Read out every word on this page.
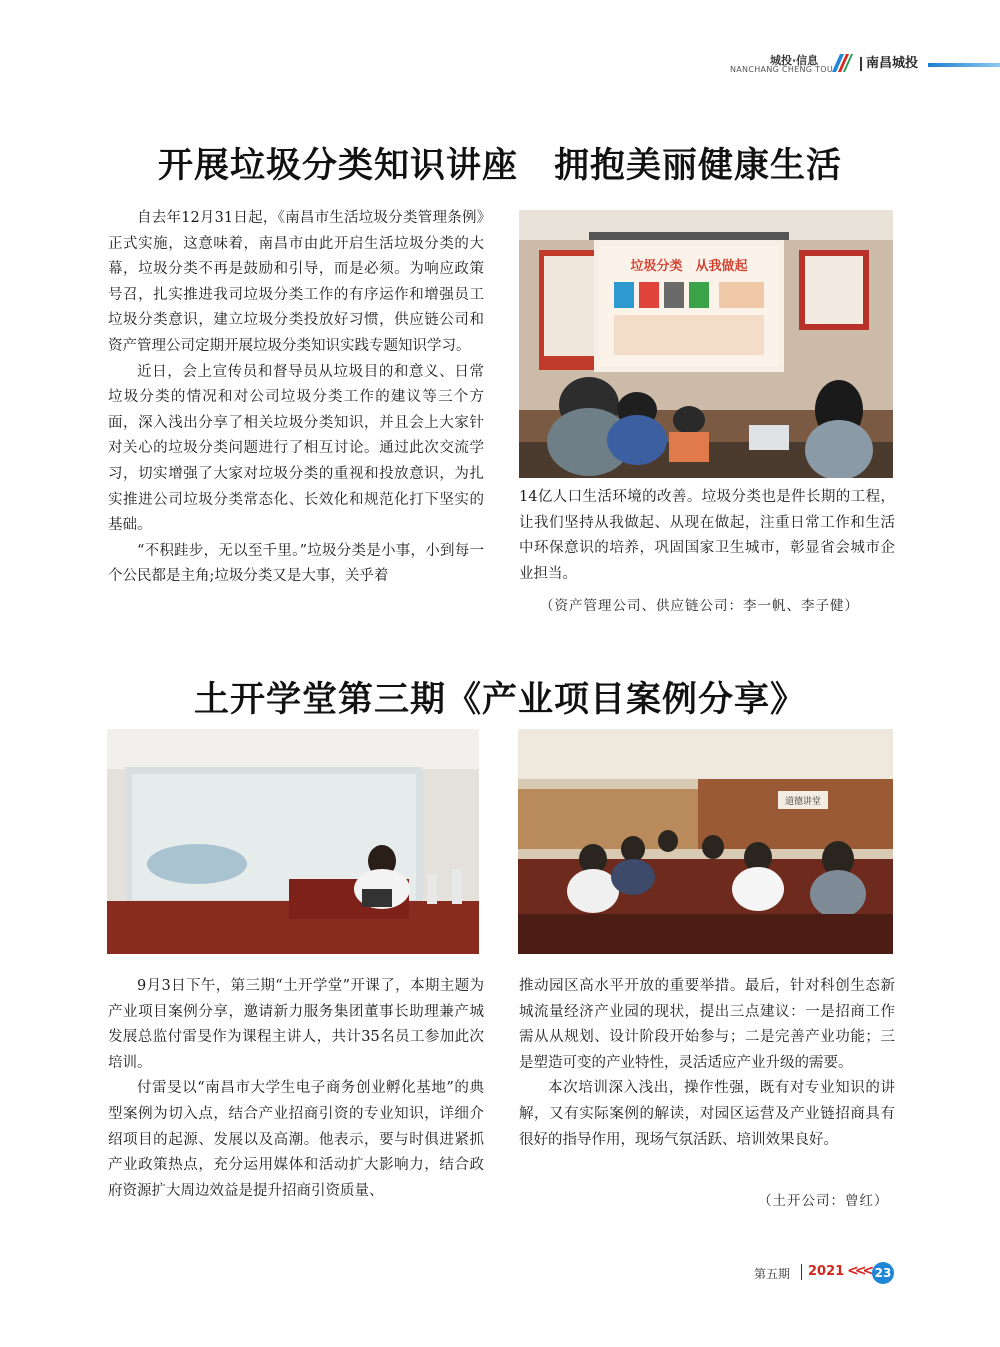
城投·信息
NANCHANG CHENG TOU	南昌城投
开展垃圾分类知识讲座　拥抱美丽健康生活

自去年12月31日起，《南昌市生活垃圾分类管理条例》正式实施，这意味着，南昌市由此开启生活垃圾分类的大幕，垃圾分类不再是鼓励和引导，而是必须。为响应政策号召，扎实推进我司垃圾分类工作的有序运作和增强员工垃圾分类意识，建立垃圾分类投放好习惯，供应链公司和资产管理公司定期开展垃圾分类知识实践专题知识学习。

近日，会上宣传员和督导员从垃圾目的和意义、日常垃圾分类的情况和对公司垃圾分类工作的建议等三个方面，深入浅出分享了相关垃圾分类知识，并且会上大家针对关心的垃圾分类问题进行了相互讨论。通过此次交流学习，切实增强了大家对垃圾分类的重视和投放意识，为扎实推进公司垃圾分类常态化、长效化和规范化打下坚实的基础。

“不积跬步，无以至千里。”垃圾分类是小事，小到每一个公民都是主角;垃圾分类又是大事，关乎着

垃圾分类　从我做起

14亿人口生活环境的改善。垃圾分类也是件长期的工程，让我们坚持从我做起、从现在做起，注重日常工作和生活中环保意识的培养，巩固国家卫生城市，彰显省会城市企业担当。

（资产管理公司、供应链公司：李一帆、李子健）
土开学堂第三期《产业项目案例分享》
道德讲堂

9月3日下午，第三期“土开学堂”开课了，本期主题为产业项目案例分享，邀请新力服务集团董事长助理兼产城发展总监付雷旻作为课程主讲人，共计35名员工参加此次培训。

付雷旻以“南昌市大学生电子商务创业孵化基地”的典型案例为切入点，结合产业招商引资的专业知识，详细介绍项目的起源、发展以及高潮。他表示，要与时俱进紧抓产业政策热点，充分运用媒体和活动扩大影响力，结合政府资源扩大周边效益是提升招商引资质量、

推动园区高水平开放的重要举措。最后，针对科创生态新城流量经济产业园的现状，提出三点建议：一是招商工作需从从规划、设计阶段开始参与；二是完善产业功能；三是塑造可变的产业特性，灵活适应产业升级的需要。

本次培训深入浅出，操作性强，既有对专业知识的讲解，又有实际案例的解读，对园区运营及产业链招商具有很好的指导作用，现场气氛活跃、培训效果良好。

（土开公司：曾红）
第五期 2021 <<< 23
